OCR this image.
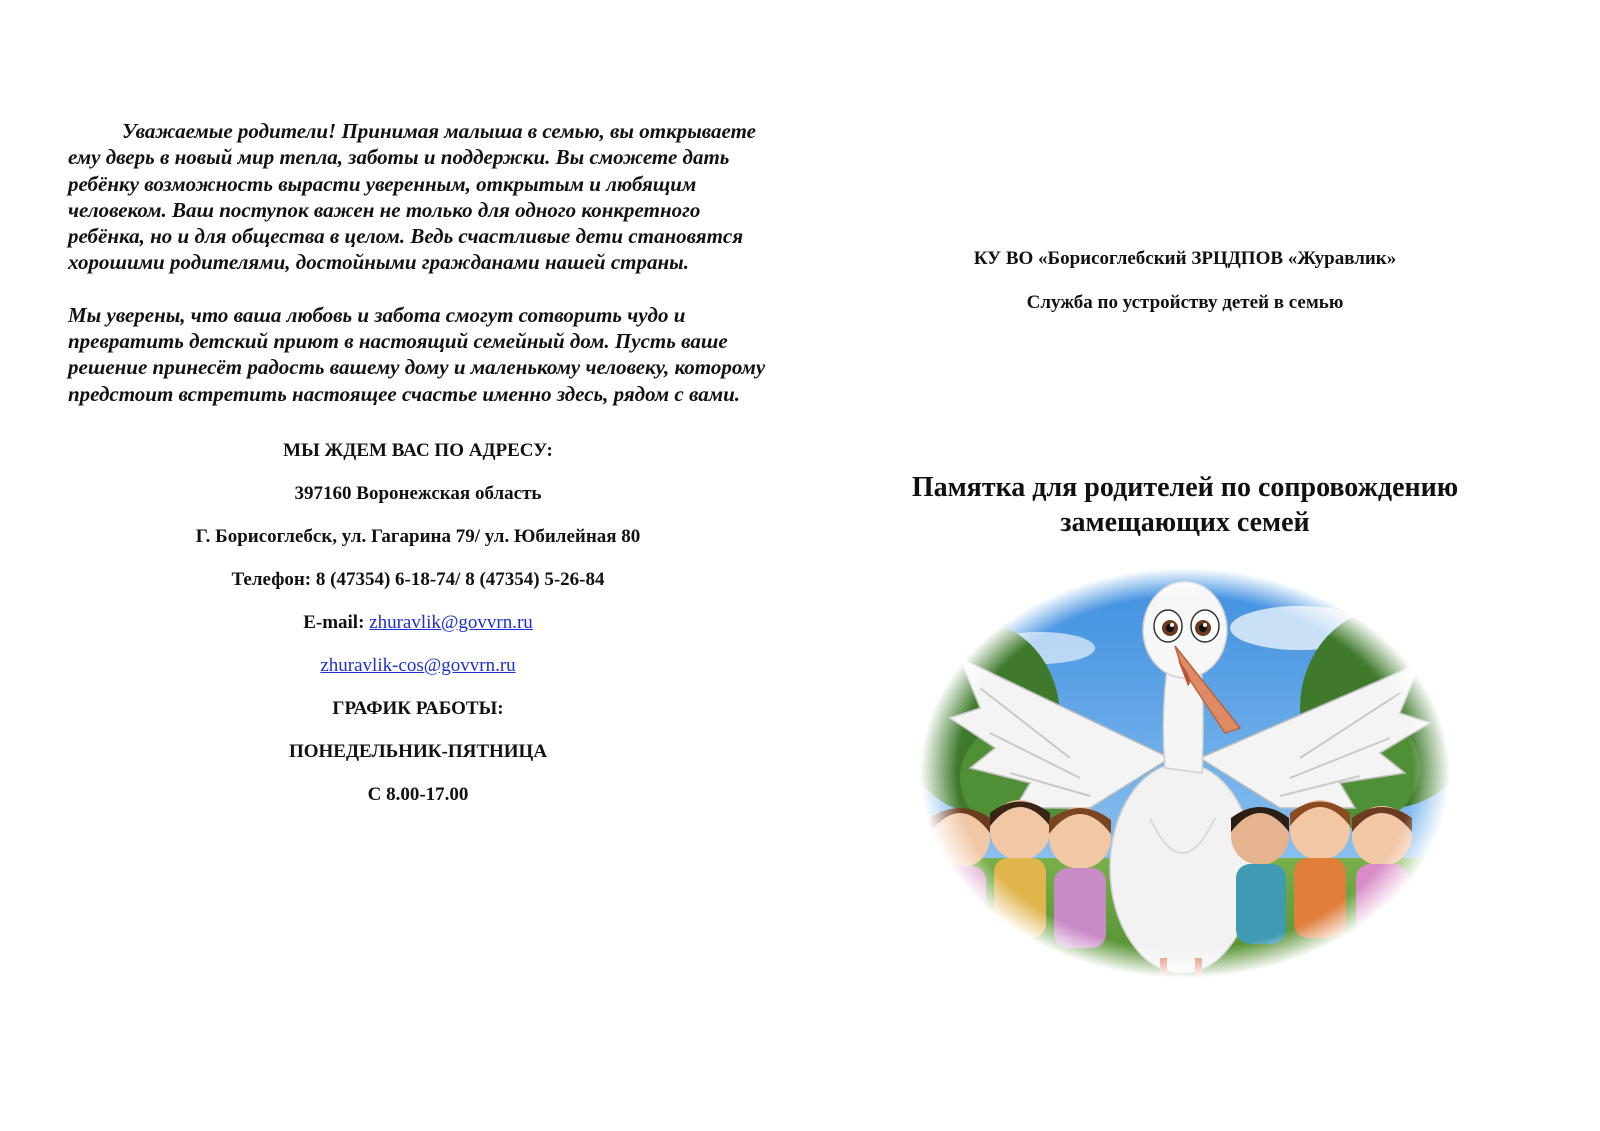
Уважаемые родители! Принимая малыша в семью, вы открываете ему дверь в новый мир тепла, заботы и поддержки. Вы сможете дать ребёнку возможность вырасти уверенным, открытым и любящим человеком. Ваш поступок важен не только для одного конкретного ребёнка, но и для общества в целом. Ведь счастливые дети становятся хорошими родителями, достойными гражданами нашей страны.

Мы уверены, что ваша любовь и забота смогут сотворить чудо и превратить детский приют в настоящий семейный дом. Пусть ваше решение принесёт радость вашему дому и маленькому человеку, которому предстоит встретить настоящее счастье именно здесь, рядом с вами.

МЫ ЖДЕМ ВАС ПО АДРЕСУ:
397160 Воронежская область
Г. Борисоглебск, ул. Гагарина 79/ ул. Юбилейная 80
Телефон: 8 (47354) 6-18-74/ 8 (47354) 5-26-84
E-mail: zhuravlik@govvrn.ru
zhuravlik-cos@govvrn.ru
ГРАФИК РАБОТЫ:
ПОНЕДЕЛЬНИК-ПЯТНИЦА
С 8.00-17.00
КУ ВО «Борисоглебский ЗРЦДПОВ «Журавлик»
Служба по устройству детей в семью
Памятка для родителей по сопровождению
замещающих семей
